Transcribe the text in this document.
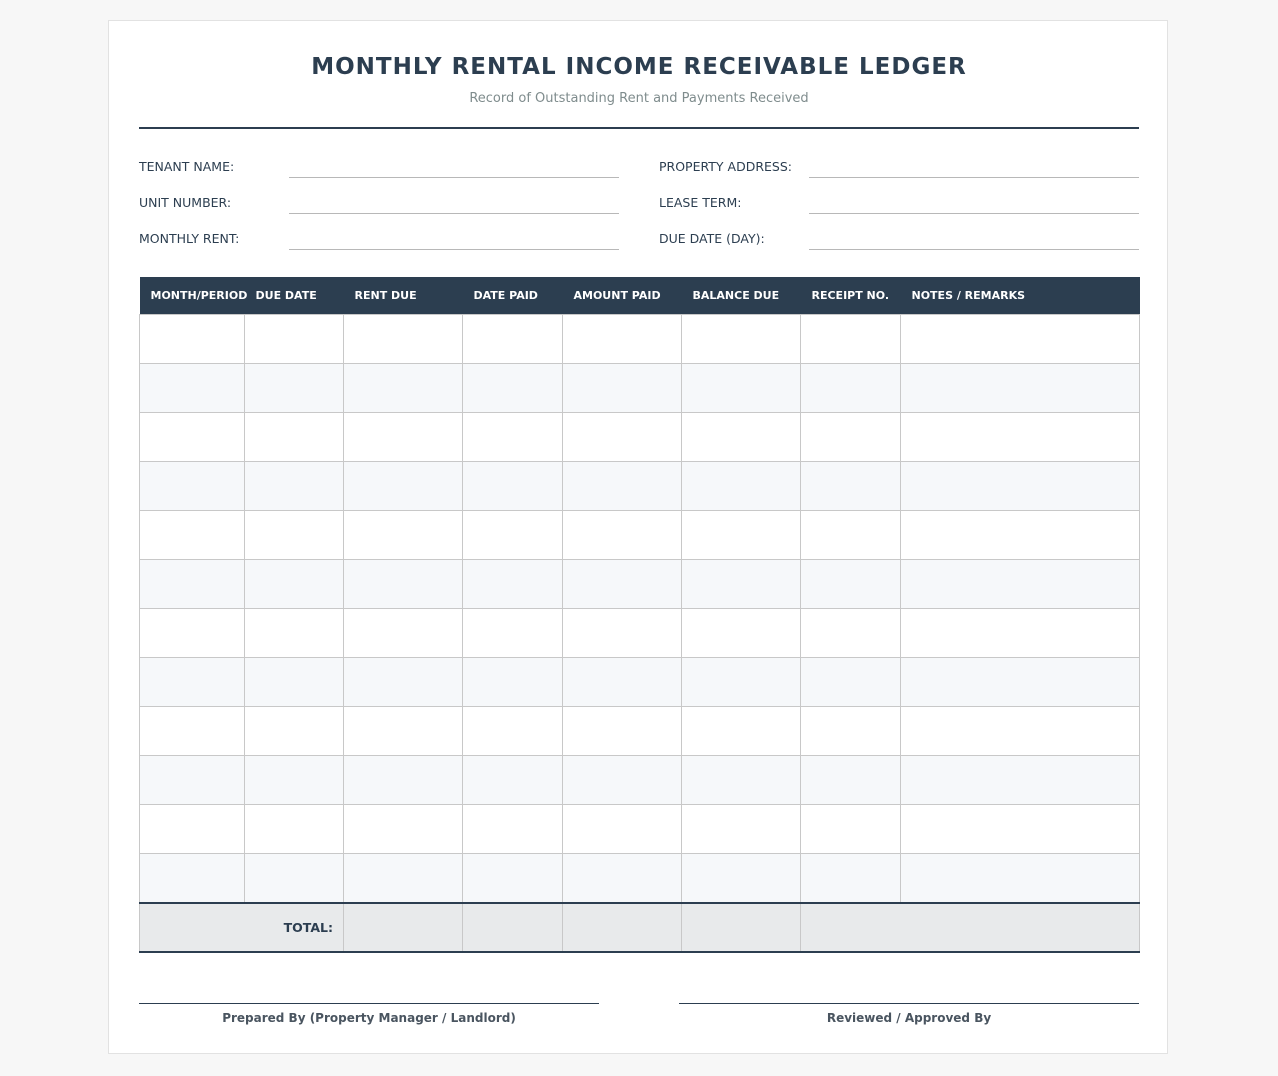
MONTHLY RENTAL INCOME RECEIVABLE LEDGER
Record of Outstanding Rent and Payments Received
TENANT NAME:
UNIT NUMBER:
MONTHLY RENT:
PROPERTY ADDRESS:
LEASE TERM:
DUE DATE (DAY):
MONTH/PERIOD	DUE DATE	RENT DUE	DATE PAID	AMOUNT PAID	BALANCE DUE	RECEIPT NO.	NOTES / REMARKS

TOTAL:							
Prepared By (Property Manager / Landlord)	Reviewed / Approved By
